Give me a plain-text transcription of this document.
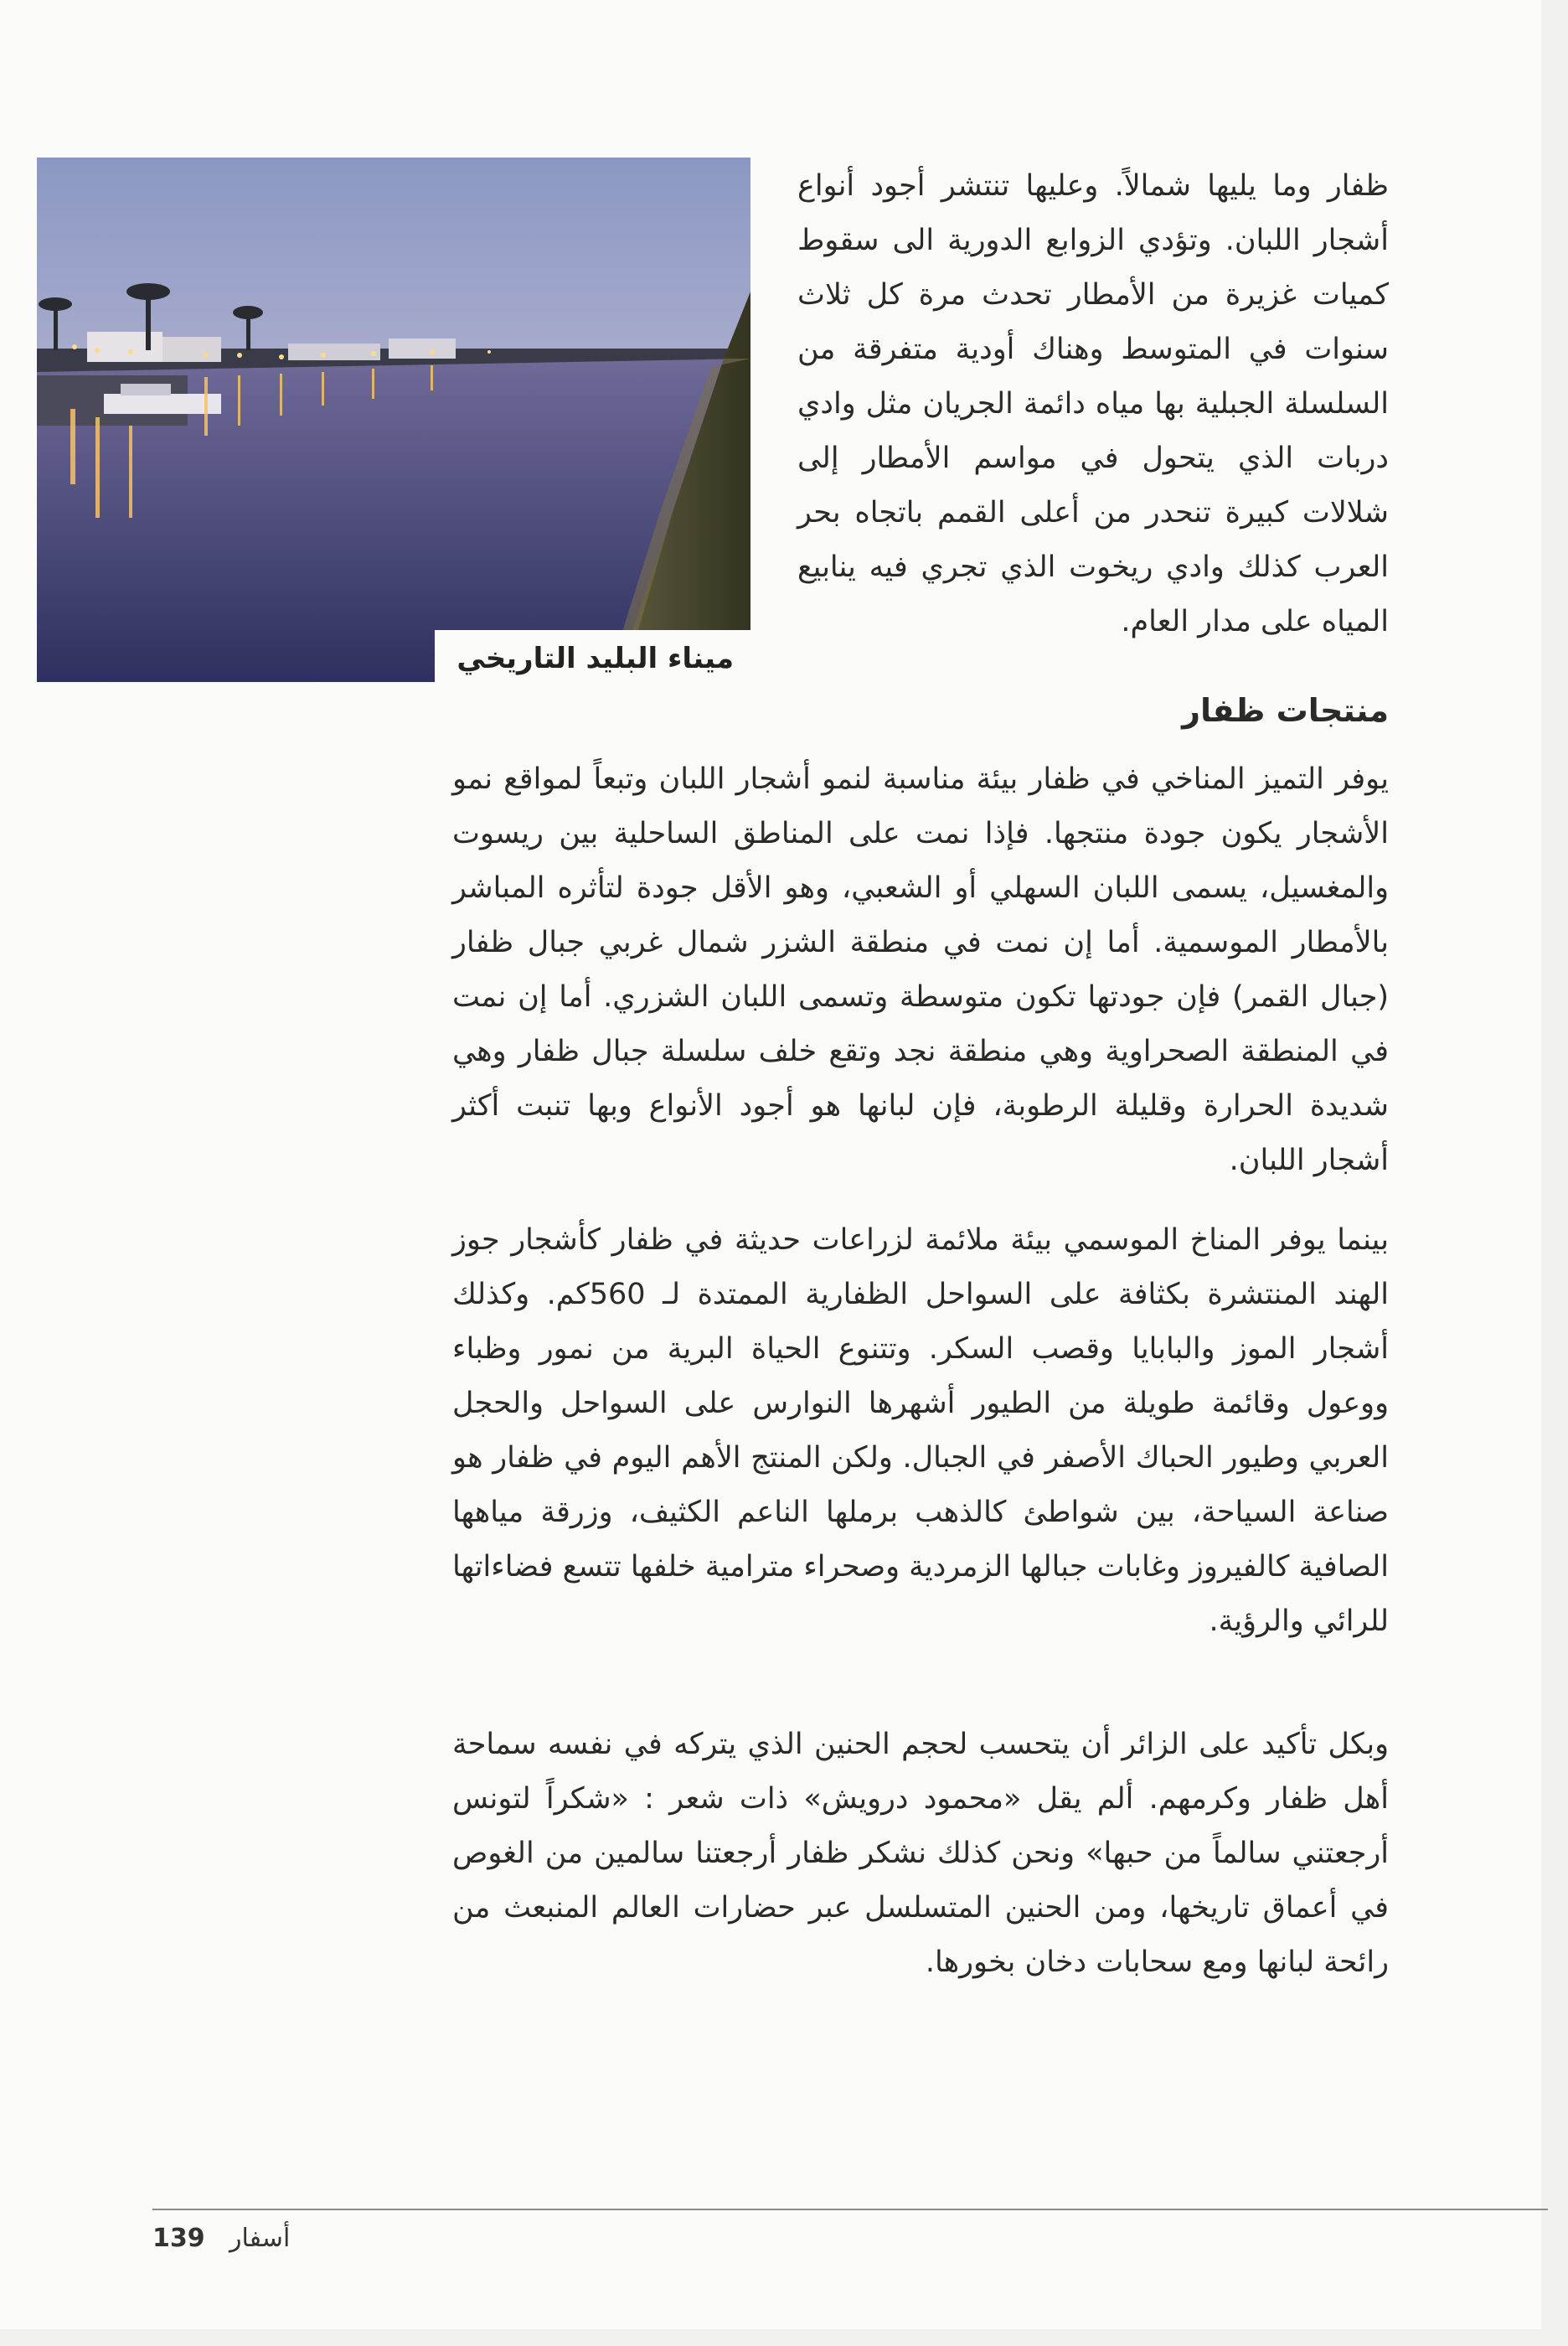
ميناء البليد التاريخي

ظفار وما يليها شمالاً. وعليها تنتشر أجود أنواع أشجار اللبان. وتؤدي الزوابع الدورية الى سقوط كميات غزيرة من الأمطار تحدث مرة كل ثلاث سنوات في المتوسط وهناك أودية متفرقة من السلسلة الجبلية بها مياه دائمة الجريان مثل وادي دربات الذي يتحول في مواسم الأمطار إلى شلالات كبيرة تنحدر من أعلى القمم باتجاه بحر العرب كذلك وادي ريخوت الذي تجري فيه ينابيع المياه على مدار العام.

منتجات ظفار

يوفر التميز المناخي في ظفار بيئة مناسبة لنمو أشجار اللبان وتبعاً لمواقع نمو الأشجار يكون جودة منتجها. فإذا نمت على المناطق الساحلية بين ريسوت والمغسيل، يسمى اللبان السهلي أو الشعبي، وهو الأقل جودة لتأثره المباشر بالأمطار الموسمية. أما إن نمت في منطقة الشزر شمال غربي جبال ظفار (جبال القمر) فإن جودتها تكون متوسطة وتسمى اللبان الشزري. أما إن نمت في المنطقة الصحراوية وهي منطقة نجد وتقع خلف سلسلة جبال ظفار وهي شديدة الحرارة وقليلة الرطوبة، فإن لبانها هو أجود الأنواع وبها تنبت أكثر أشجار اللبان.

بينما يوفر المناخ الموسمي بيئة ملائمة لزراعات حديثة في ظفار كأشجار جوز الهند المنتشرة بكثافة على السواحل الظفارية الممتدة لـ 560كم. وكذلك أشجار الموز والبابايا وقصب السكر. وتتنوع الحياة البرية من نمور وظباء ووعول وقائمة طويلة من الطيور أشهرها النوارس على السواحل والحجل العربي وطيور الحباك الأصفر في الجبال. ولكن المنتج الأهم اليوم في ظفار هو صناعة السياحة، بين شواطئ كالذهب برملها الناعم الكثيف، وزرقة مياهها الصافية كالفيروز وغابات جبالها الزمردية وصحراء مترامية خلفها تتسع فضاءاتها للرائي والرؤية.

وبكل تأكيد على الزائر أن يتحسب لحجم الحنين الذي يتركه في نفسه سماحة أهل ظفار وكرمهم. ألم يقل «محمود درويش» ذات شعر : «شكراً لتونس أرجعتني سالماً من حبها» ونحن كذلك نشكر ظفار أرجعتنا سالمين من الغوص في أعماق تاريخها، ومن الحنين المتسلسل عبر حضارات العالم المنبعث من رائحة لبانها ومع سحابات دخان بخورها.

139 أسفار
